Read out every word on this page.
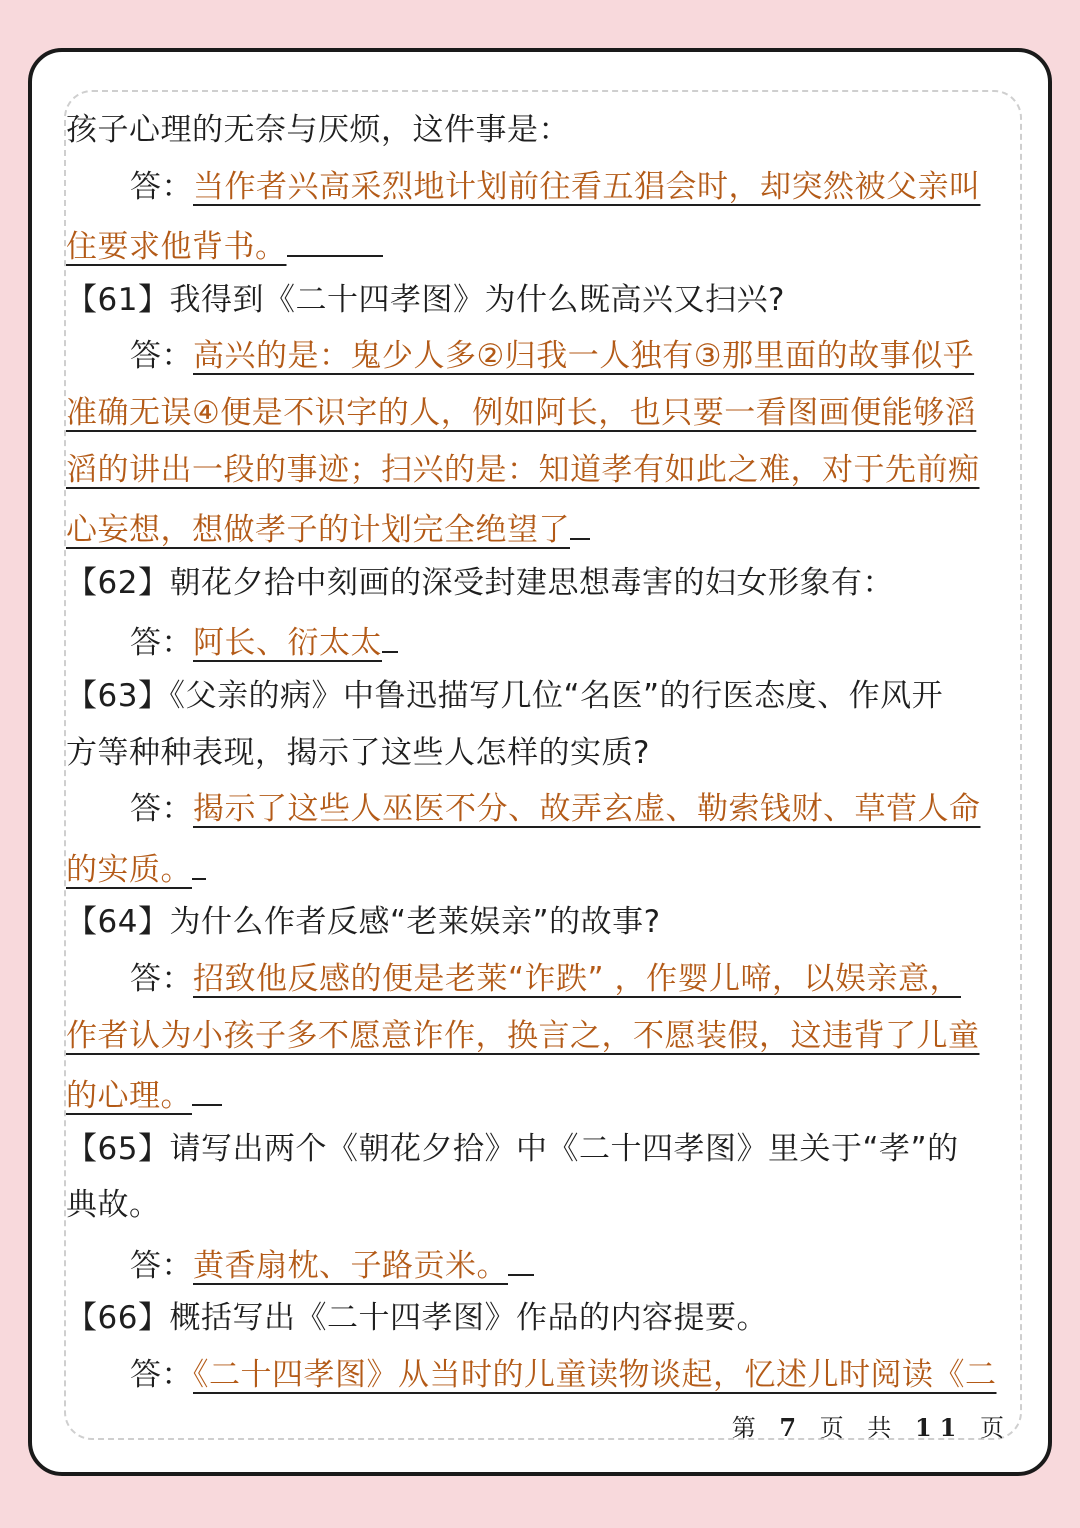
孩子心理的无奈与厌烦，这件事是：
答：当作者兴高采烈地计划前往看五猖会时，却突然被父亲叫
住要求他背书。
【61】我得到《二十四孝图》为什么既高兴又扫兴?
答：高兴的是：鬼少人多②归我一人独有③那里面的故事似乎
准确无误④便是不识字的人，例如阿长，也只要一看图画便能够滔
滔的讲出一段的事迹；扫兴的是：知道孝有如此之难，对于先前痴
心妄想，想做孝子的计划完全绝望了
【62】朝花夕拾中刻画的深受封建思想毒害的妇女形象有：
答：阿长、衍太太
【63】《父亲的病》中鲁迅描写几位“名医”的行医态度、作风开
方等种种表现，揭示了这些人怎样的实质?
答：揭示了这些人巫医不分、故弄玄虚、勒索钱财、草菅人命
的实质。
【64】为什么作者反感“老莱娱亲”的故事?
答：招致他反感的便是老莱“诈跌” ，作婴儿啼，以娱亲意，
作者认为小孩子多不愿意诈作，换言之，不愿装假，这违背了儿童
的心理。
【65】请写出两个《朝花夕拾》中《二十四孝图》里关于“孝”的
典故。
答：黄香扇枕、子路贡米。
【66】概括写出《二十四孝图》作品的内容提要。
答：《二十四孝图》从当时的儿童读物谈起，忆述儿时阅读《二
第 7 页 共 11 页
